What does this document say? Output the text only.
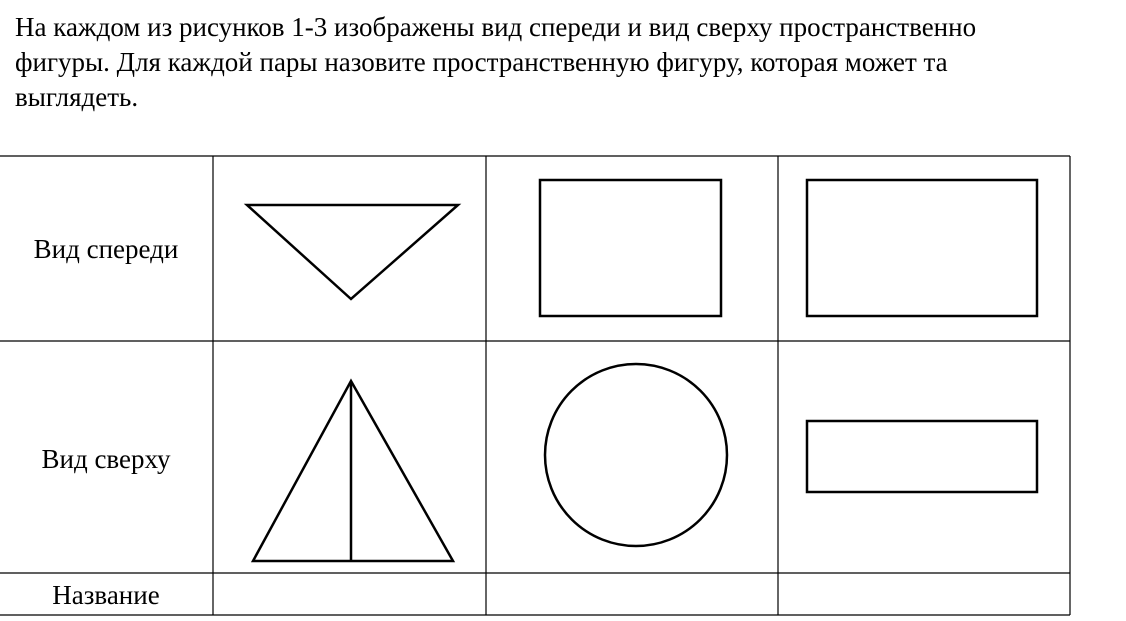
На каждом из рисунков 1-3 изображены вид спереди и вид сверху пространственно
фигуры. Для каждой пары назовите пространственную фигуру, которая может та
выглядеть.

Вид спереди
Вид сверху
Название
